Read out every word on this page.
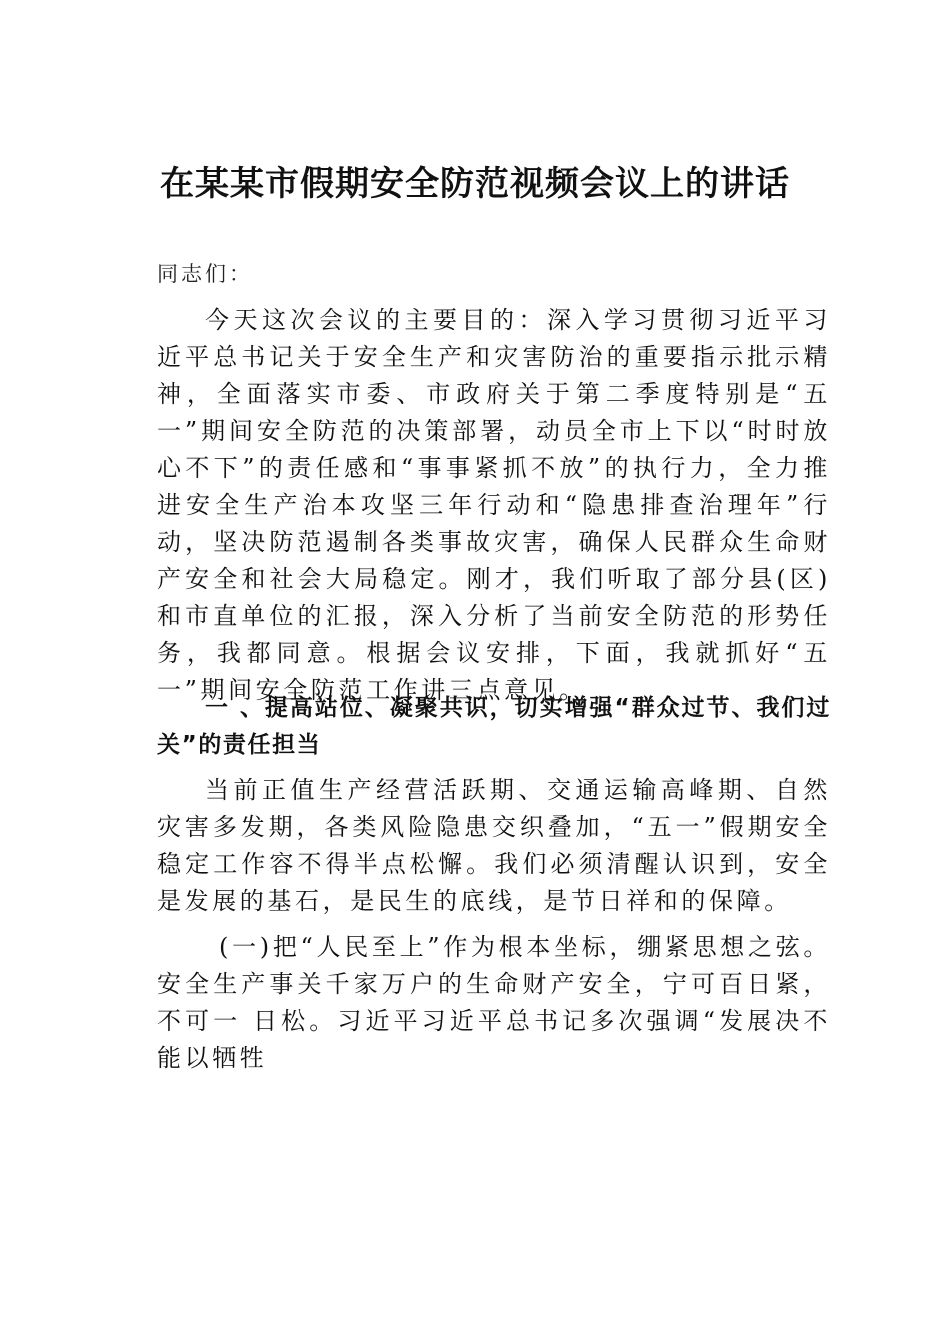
在某某市假期安全防范视频会议上的讲话
同志们：

今天这次会议的主要目的：深入学习贯彻习近平习近平总书记关于安全生产和灾害防治的重要指示批示精神，全面落实市委、市政府关于第二季度特别是“五一”期间安全防范的决策部署，动员全市上下以“时时放心不下”的责任感和“事事紧抓不放”的执行力，全力推进安全生产治本攻坚三年行动和“隐患排查治理年”行动，坚决防范遏制各类事故灾害，确保人民群众生命财产安全和社会大局稳定。刚才，我们听取了部分县(区)和市直单位的汇报，深入分析了当前安全防范的形势任务，我都同意。根据会议安排，下面，我就抓好“五一”期间安全防范工作讲三点意见。

一 、提高站位、凝聚共识，切实增强“群众过节、我们过关”的责任担当

当前正值生产经营活跃期、交通运输高峰期、自然灾害多发期，各类风险隐患交织叠加，“五一”假期安全稳定工作容不得半点松懈。我们必须清醒认识到，安全是发展的基石，是民生的底线，是节日祥和的保障。

(一)把“人民至上”作为根本坐标，绷紧思想之弦。安全生产事关千家万户的生命财产安全，宁可百日紧，不可一 日松。习近平习近平总书记多次强调“发展决不能以牺牲
